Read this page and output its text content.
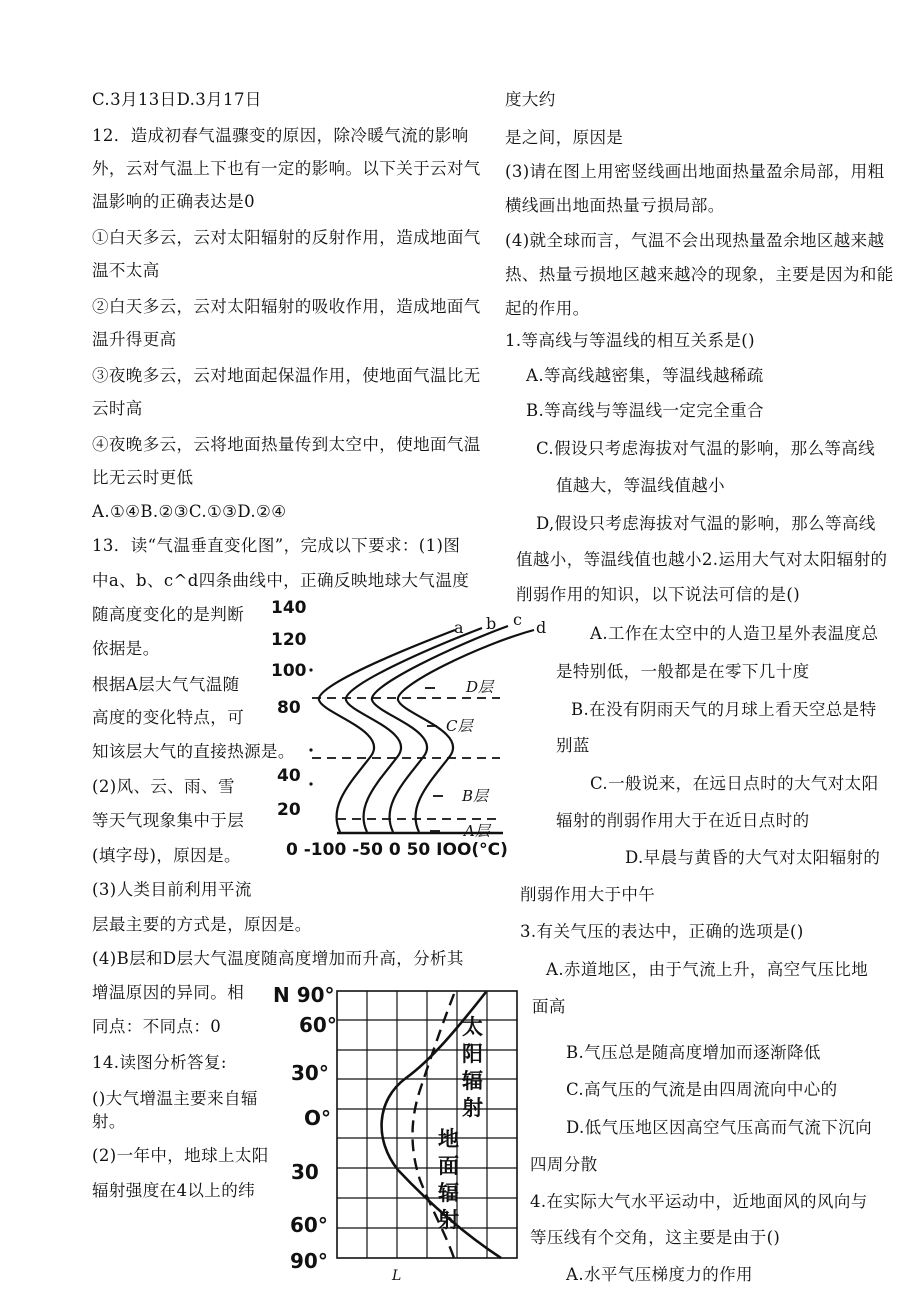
C.3月13日D.3月17日
12．造成初春气温骤变的原因，除冷暖气流的影响
外，云对气温上下也有一定的影响。以下关于云对气
温影响的正确表达是0
①白天多云，云对太阳辐射的反射作用，造成地面气
温不太高
②白天多云，云对太阳辐射的吸收作用，造成地面气
温升得更高
③夜晚多云，云对地面起保温作用，使地面气温比无
云时高
④夜晚多云，云将地面热量传到太空中，使地面气温
比无云时更低
A.①④B.②③C.①③D.②④
13．读“气温垂直变化图”，完成以下要求：(1)图
中a、b、c^d四条曲线中，正确反映地球大气温度
随高度变化的是判断
依据是。
根据A层大气气温随
高度的变化特点，可
知该层大气的直接热源是。
(2)风、云、雨、雪
等天气现象集中于层
(填字母)，原因是。
(3)人类目前利用平流
层最主要的方式是，原因是。
(4)B层和D层大气温度随高度增加而升高，分析其
增温原因的异同。相
同点：不同点：0
14.读图分析答复:
()大气增温主要来自辐
射。
(2)一年中，地球上太阳
辐射强度在4以上的纬
140
120
100
80
40
20
0 -100 -50 0 50 IOO(°C)
a b c d
D层
C层
B层
A层
N 90°
60°
30°
O°
30
60°
90°
太
阳
辐
射
地
面
辐
射
L
度大约
是之间，原因是
(3)请在图上用密竖线画出地面热量盈余局部，用粗
横线画出地面热量亏损局部。
(4)就全球而言，气温不会出现热量盈余地区越来越
热、热量亏损地区越来越冷的现象，主要是因为和能
起的作用。
1.等高线与等温线的相互关系是()
A.等高线越密集，等温线越稀疏
B.等高线与等温线一定完全重合
C.假设只考虑海拔对气温的影响，那么等高线
值越大，等温线值越小
D,假设只考虑海拔对气温的影响，那么等高线
值越小，等温线值也越小2.运用大气对太阳辐射的
削弱作用的知识，以下说法可信的是()
A.工作在太空中的人造卫星外表温度总
是特别低，一般都是在零下几十度
B.在没有阴雨天气的月球上看天空总是特
别蓝
C.一般说来，在远日点时的大气对太阳
辐射的削弱作用大于在近日点时的
D.早晨与黄昏的大气对太阳辐射的
削弱作用大于中午
3.有关气压的表达中，正确的选项是()
A.赤道地区，由于气流上升，高空气压比地
面高
B.气压总是随高度增加而逐渐降低
C.高气压的气流是由四周流向中心的
D.低气压地区因高空气压高而气流下沉向
四周分散
4.在实际大气水平运动中，近地面风的风向与
等压线有个交角，这主要是由于()
A.水平气压梯度力的作用
